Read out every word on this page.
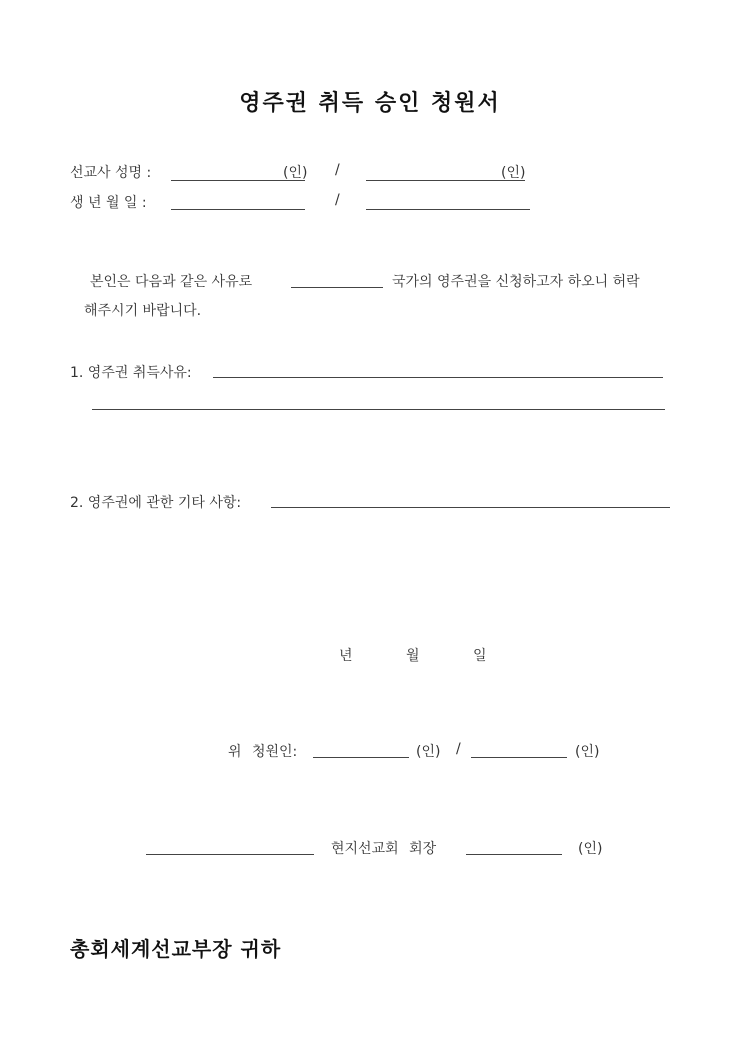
영주권 취득 승인 청원서
선교사 성명 :	(인) /	(인)
생 년 월 일 :	/
본인은 다음과 같은 사유로	국가의 영주권을 신청하고자 하오니 허락
해주시기 바랍니다.
1. 영주권 취득사유:
2. 영주권에 관한 기타 사항:
년	월	일
위 청원인:	(인) /	(인)
현지선교회 회장	(인)
총회세계선교부장 귀하
